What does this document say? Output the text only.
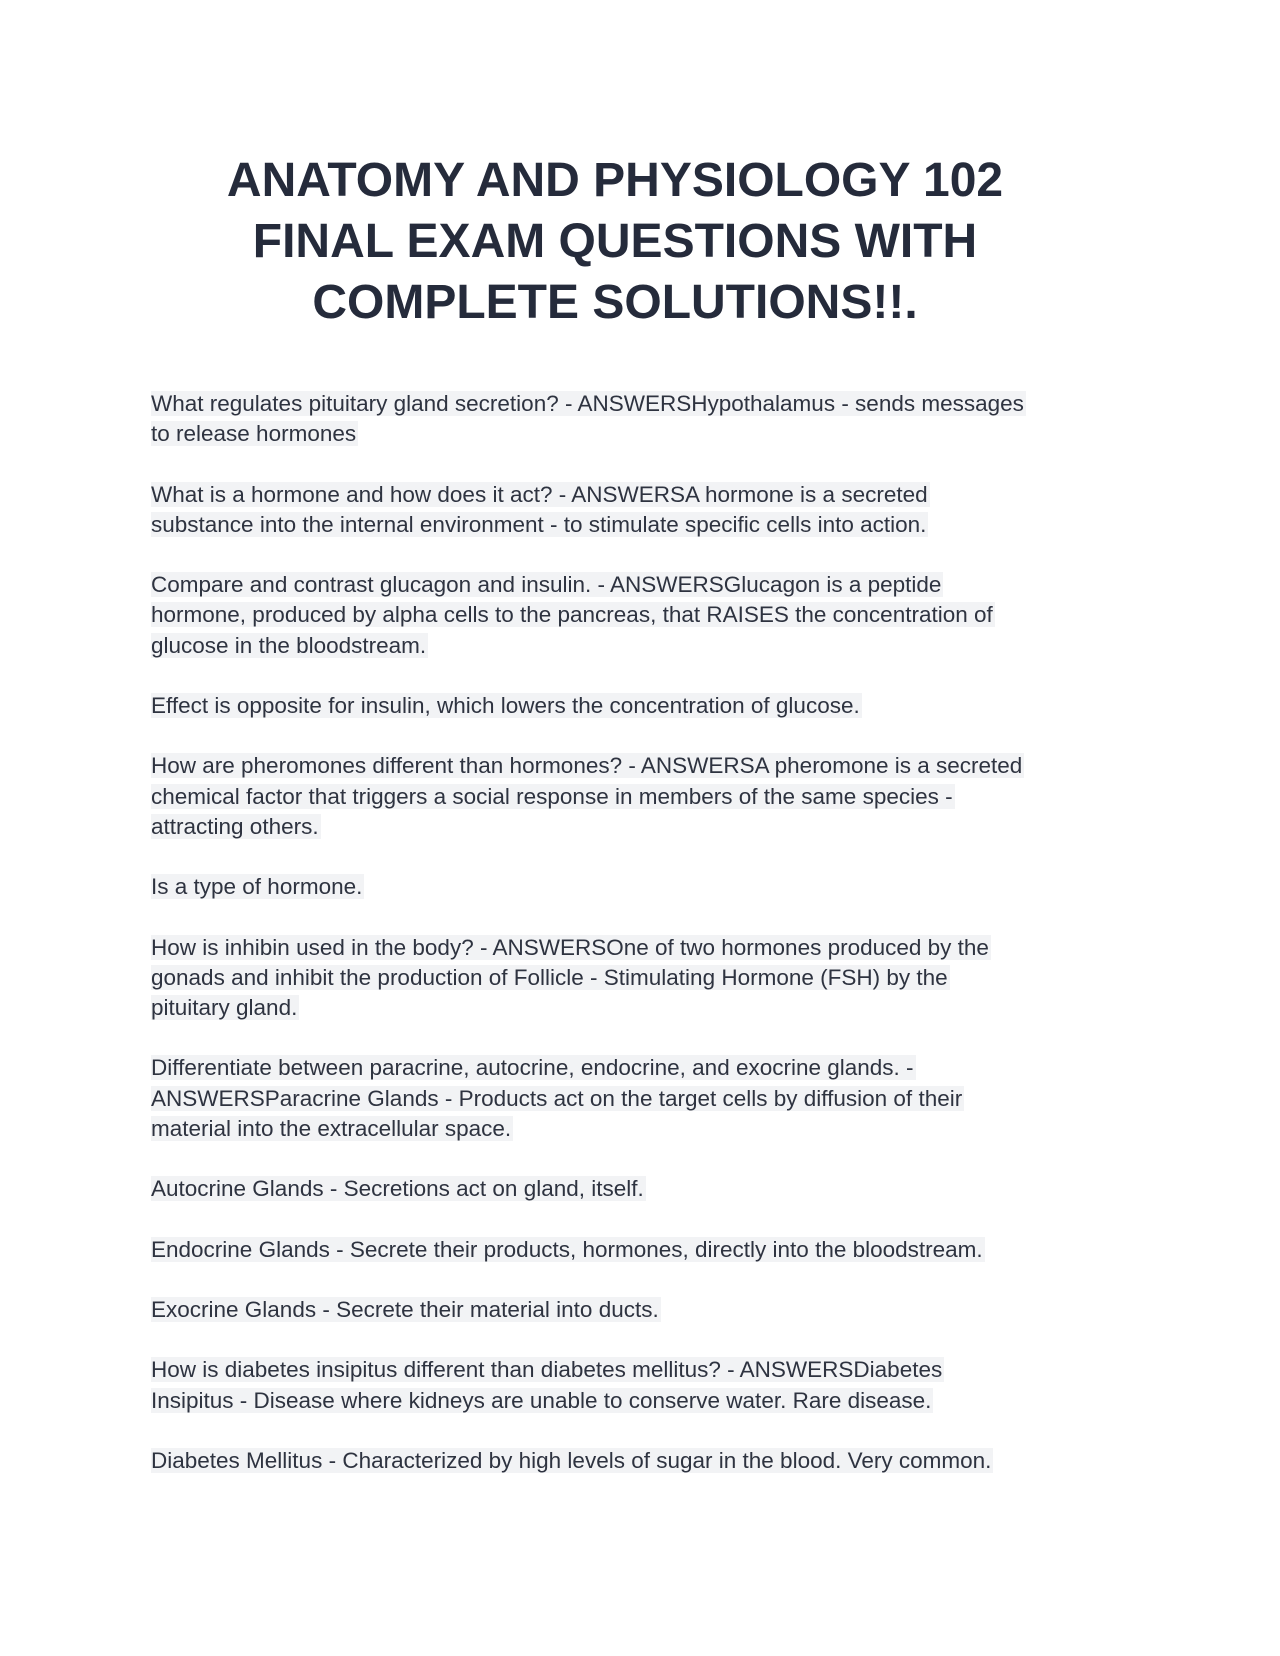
ANATOMY AND PHYSIOLOGY 102
FINAL EXAM QUESTIONS WITH
COMPLETE SOLUTIONS!!.

What regulates pituitary gland secretion? - ANSWERSHypothalamus - sends messages
to release hormones

What is a hormone and how does it act? - ANSWERSA hormone is a secreted
substance into the internal environment - to stimulate specific cells into action.

Compare and contrast glucagon and insulin. - ANSWERSGlucagon is a peptide
hormone, produced by alpha cells to the pancreas, that RAISES the concentration of
glucose in the bloodstream.

Effect is opposite for insulin, which lowers the concentration of glucose.

How are pheromones different than hormones? - ANSWERSA pheromone is a secreted
chemical factor that triggers a social response in members of the same species -
attracting others.

Is a type of hormone.

How is inhibin used in the body? - ANSWERSOne of two hormones produced by the
gonads and inhibit the production of Follicle - Stimulating Hormone (FSH) by the
pituitary gland.

Differentiate between paracrine, autocrine, endocrine, and exocrine glands. -
ANSWERSParacrine Glands - Products act on the target cells by diffusion of their
material into the extracellular space.

Autocrine Glands - Secretions act on gland, itself.

Endocrine Glands - Secrete their products, hormones, directly into the bloodstream.

Exocrine Glands - Secrete their material into ducts.

How is diabetes insipitus different than diabetes mellitus? - ANSWERSDiabetes
Insipitus - Disease where kidneys are unable to conserve water. Rare disease.

Diabetes Mellitus - Characterized by high levels of sugar in the blood. Very common.
